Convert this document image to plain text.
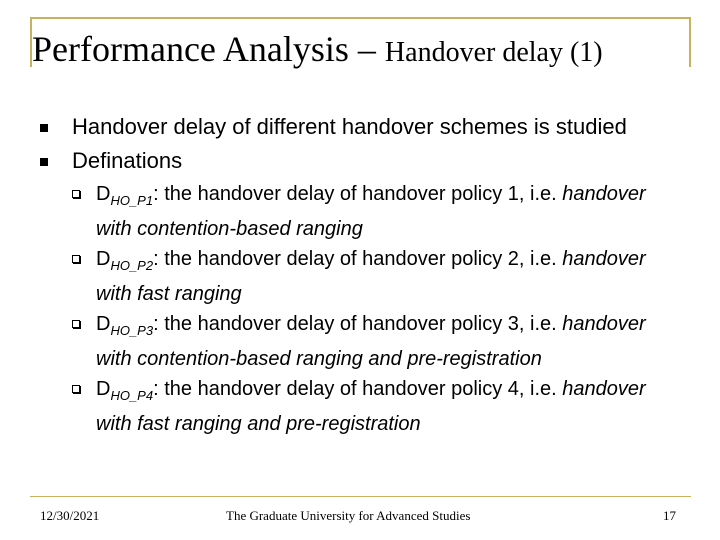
Performance Analysis – Handover delay (1)
Handover delay of different handover schemes is studied
Definations
$D_{HO\_P1}$: the handover delay of handover policy 1, i.e. handover with contention-based ranging
$D_{HO\_P2}$: the handover delay of handover policy 2, i.e. handover with fast ranging
$D_{HO\_P3}$: the handover delay of handover policy 3, i.e. handover with contention-based ranging and pre-registration
$D_{HO\_P4}$: the handover delay of handover policy 4, i.e. handover with fast ranging and pre-registration
12/30/2021	The Graduate University for Advanced Studies	17
